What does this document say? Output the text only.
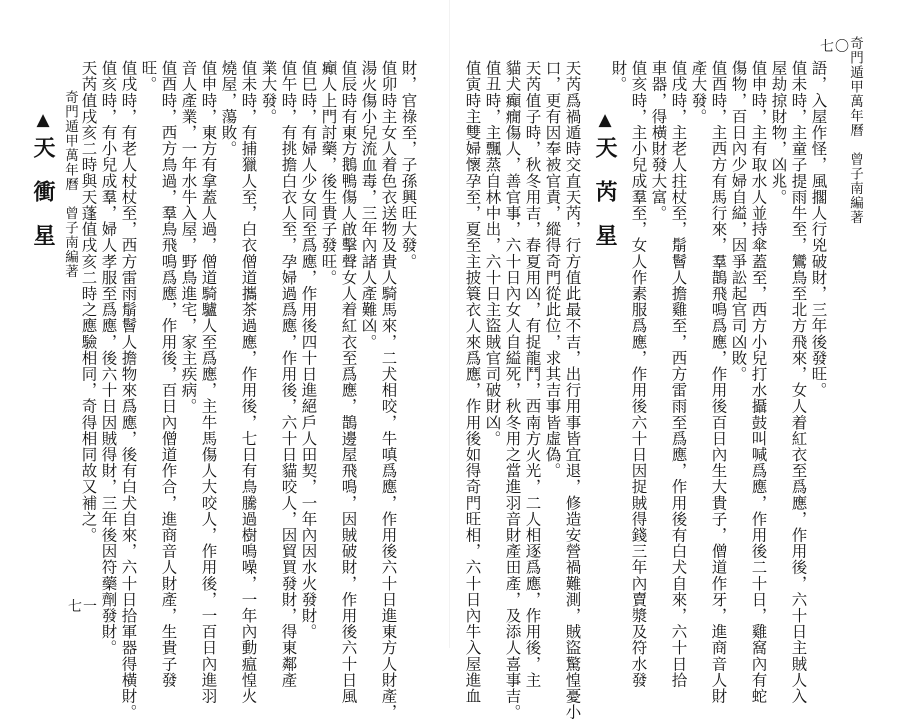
奇門遁甲萬年曆　曾子南編著
七〇
語，入屋作怪，風擱人行兇破財，三年後發旺。
值未時，主童子提雨牛至，鸞鳥至北方飛來，女人着紅衣至爲應，作用後，六十日主賊人入
屋劫掠財物，凶兆。
值申時，主有取水人並持傘蓋至，西方小兒打水攝鼓叫喊爲應，作用後二十日，雞窩內有蛇
傷物，百日內少婦自縊，因爭訟起官司凶敗。
值酉時，主西方有馬行來，羣鵲飛鳴爲應，作用後百日內生大貴子，僧道作牙，進商音人財
產大發。
值戌時，主老人拄杖至，鬅鬙人擔雞至，西方雷雨至爲應，作用後有白犬自來，六十日拾
車器，得橫財發大富。
值亥時，主小兒成羣至，女人作素服爲應，作用後六十日因捉賊得錢三年內賣漿及符水發
財。
▲天芮星
天芮爲禍遁時交直天芮，行方值此最不吉，出行用事皆宜退，修造安營禍難測，賊盜驚惶憂小
口，更有因奉被官責，縱得奇門從此位，求其吉事皆虛偽。
天芮值子時，秋冬用吉，春夏用凶，有捉龍鬥，西南方火光，二人相逐爲應，作用後，主
貓犬癲癇傷人，善官事，六十日內女人自縊死，秋冬用之當進羽音財產田產，及添人喜事吉。
值丑時，主飄蒸自林中出，六十日主盜賊官司破財凶。
值寅時主雙婦懷孕至，夏至主披簑衣人來爲應，作用後如得奇門旺相，六十日內牛入屋進血
財，官祿至，子孫興旺大發。
值卯時主女人着色衣送物及貴人騎馬來，二犬相咬，牛嗔爲應，作用後六十日進東方人財產，
湯火傷小兒流血毒，三年內諸人產難凶。
值辰時有東方鵝鴨傷人啟擊聲女人着紅衣至爲應，鵲邊屋飛鳴，因賊破財，作用後六十日風
癲人上門討藥，後生貴子發旺。
值巳時，有婦人少女同至爲應，作用後四十日進絕戶人田契，一年內因水火發財。
值午時，有挑擔白衣人至，孕婦過爲應，作用後，六十日貓咬人，因貿買發財，得東鄰產
業大發。
值未時，有捕獵人至，白衣僧道攜茶過應，作用後，七日有鳥騰過樹鳴噪，一年內動瘟惶火
燒屋，蕩敗。
值申時，東方有拿蓋人過，僧道騎驢人至爲應，主牛馬傷人大咬人，作用後，一百日內進羽
音人產業，一年水牛入屋，野鳥進宅，家主疾病。
值酉時，西方鳥過，羣鳥飛鳴爲應，作用後，百日內僧道作合，進商音人財產，生貴子發
旺。
值戌時，有老人杖杖至，西方雷雨鬅鬙人擔物來爲應，後有白犬自來，六十日拾軍器得橫財。
值亥時，有小兒成羣，婦人孝服至爲應，後六十日因賊得財，三年後因符藥劑發財。
天芮值戌亥二時與天蓬值戌亥二時之應驗相同，奇得相同故又補之。
奇門遁甲萬年曆　曾子南編著
▲天衝星
七一
